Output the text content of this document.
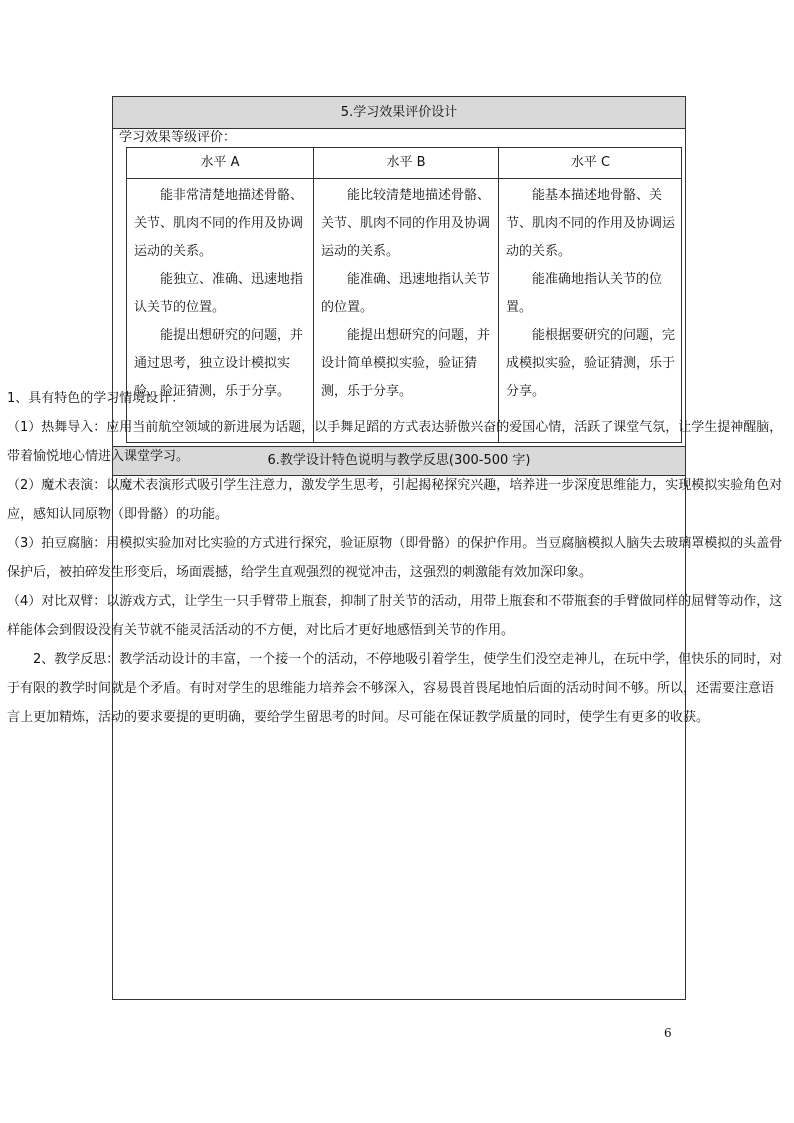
5.学习效果评价设计
学习效果等级评价：
水平 A

能非常清楚地描述骨骼、关节、肌肉不同的作用及协调运动的关系。

能独立、准确、迅速地指认关节的位置。

能提出想研究的问题，并通过思考，独立设计模拟实验，验证猜测，乐于分享。

水平 B

能比较清楚地描述骨骼、关节、肌肉不同的作用及协调运动的关系。

能准确、迅速地指认关节的位置。

能提出想研究的问题，并设计简单模拟实验，验证猜测，乐于分享。

水平 C

能基本描述地骨骼、关节、肌肉不同的作用及协调运动的关系。

能准确地指认关节的位置。

能根据要研究的问题，完成模拟实验，验证猜测，乐于分享。

6.教学设计特色说明与教学反思(300-500 字)

1、具有特色的学习情境设计：

（1）热舞导入：应用当前航空领域的新进展为话题，以手舞足蹈的方式表达骄傲兴奋的爱国心情，活跃了课堂气氛，让学生提神醒脑，带着愉悦地心情进入课堂学习。

（2）魔术表演：以魔术表演形式吸引学生注意力，激发学生思考，引起揭秘探究兴趣，培养进一步深度思维能力，实现模拟实验角色对应，感知认同原物（即骨骼）的功能。

（3）拍豆腐脑：用模拟实验加对比实验的方式进行探究，验证原物（即骨骼）的保护作用。当豆腐脑模拟人脑失去玻璃罩模拟的头盖骨保护后，被拍碎发生形变后，场面震撼，给学生直观强烈的视觉冲击，这强烈的刺激能有效加深印象。

（4）对比双臂：以游戏方式，让学生一只手臂带上瓶套，抑制了肘关节的活动，用带上瓶套和不带瓶套的手臂做同样的屈臂等动作，这样能体会到假设没有关节就不能灵活活动的不方便，对比后才更好地感悟到关节的作用。

2、教学反思：教学活动设计的丰富，一个接一个的活动，不停地吸引着学生，使学生们没空走神儿，在玩中学，但快乐的同时，对于有限的教学时间就是个矛盾。有时对学生的思维能力培养会不够深入，容易畏首畏尾地怕后面的活动时间不够。所以，还需要注意语言上更加精炼，活动的要求要提的更明确，要给学生留思考的时间。尽可能在保证教学质量的同时，使学生有更多的收获。

6
